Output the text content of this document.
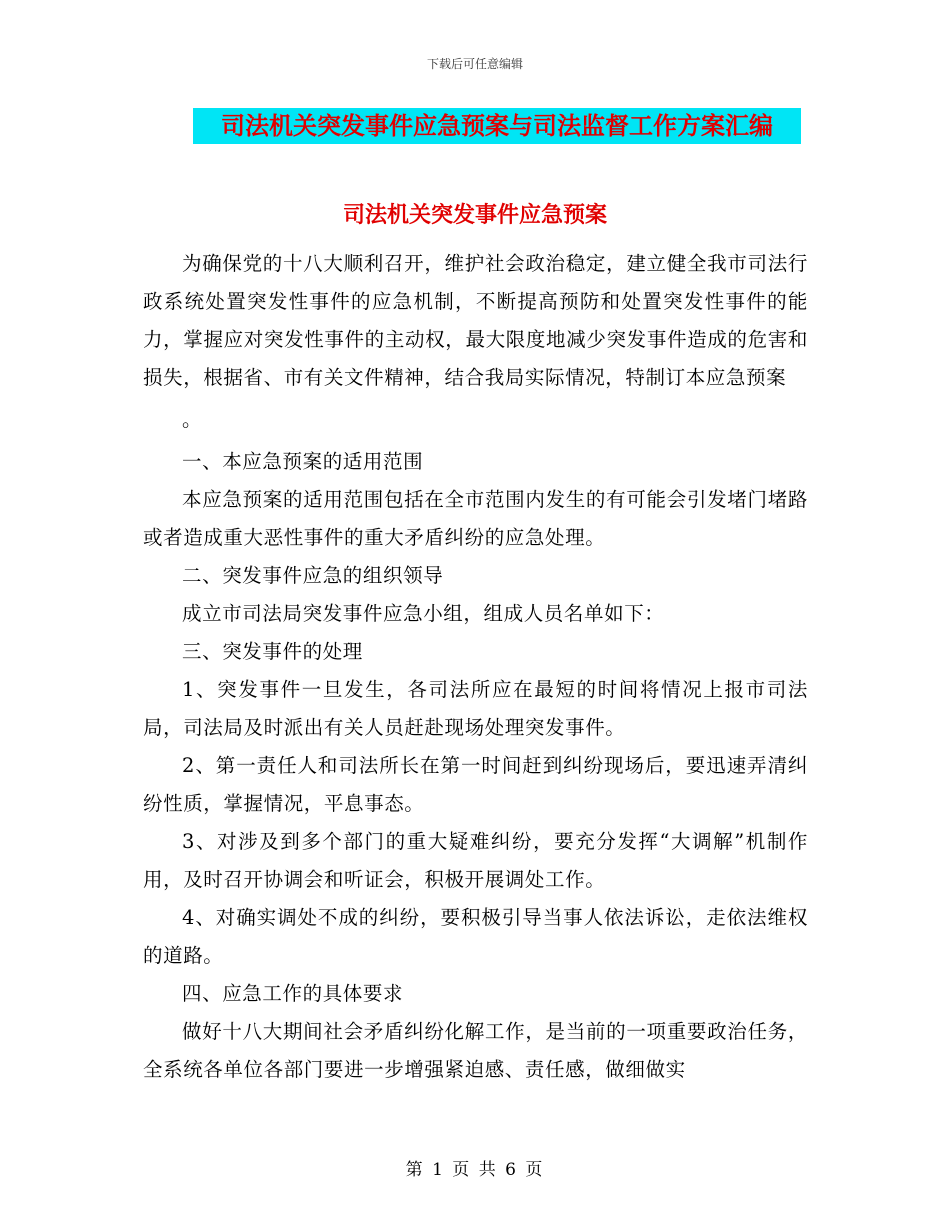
下载后可任意编辑
司法机关突发事件应急预案与司法监督工作方案汇编
司法机关突发事件应急预案

为确保党的十八大顺利召开，维护社会政治稳定，建立健全我市司法行政系统处置突发性事件的应急机制，不断提高预防和处置突发性事件的能力，掌握应对突发性事件的主动权，最大限度地减少突发事件造成的危害和损失，根据省、市有关文件精神，结合我局实际情况，特制订本应急预案

。

一、本应急预案的适用范围

本应急预案的适用范围包括在全市范围内发生的有可能会引发堵门堵路或者造成重大恶性事件的重大矛盾纠纷的应急处理。

二、突发事件应急的组织领导

成立市司法局突发事件应急小组，组成人员名单如下：

三、突发事件的处理

1、突发事件一旦发生，各司法所应在最短的时间将情况上报市司法局，司法局及时派出有关人员赶赴现场处理突发事件。

2、第一责任人和司法所长在第一时间赶到纠纷现场后，要迅速弄清纠纷性质，掌握情况，平息事态。

3、对涉及到多个部门的重大疑难纠纷，要充分发挥“大调解”机制作用，及时召开协调会和听证会，积极开展调处工作。

4、对确实调处不成的纠纷，要积极引导当事人依法诉讼，走依法维权的道路。

四、应急工作的具体要求

做好十八大期间社会矛盾纠纷化解工作，是当前的一项重要政治任务，全系统各单位各部门要进一步增强紧迫感、责任感，做细做实

第 1 页 共 6 页
